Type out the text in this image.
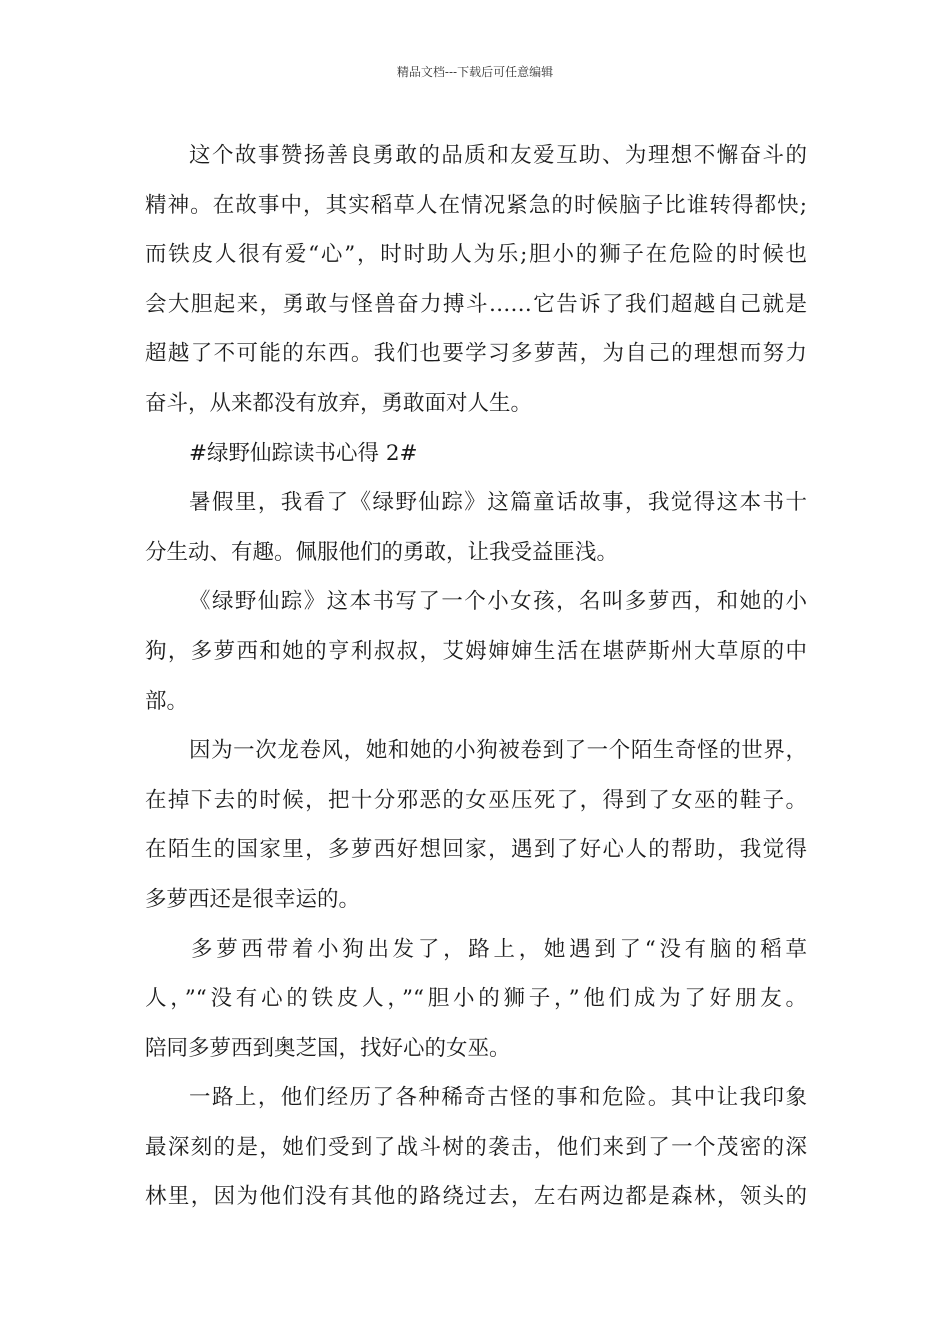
精品文档---下载后可任意编辑
这个故事赞扬善良勇敢的品质和友爱互助、为理想不懈奋斗的
精神。在故事中，其实稻草人在情况紧急的时候脑子比谁转得都快;
而铁皮人很有爱“心”，时时助人为乐;胆小的狮子在危险的时候也
会大胆起来，勇敢与怪兽奋力搏斗……它告诉了我们超越自己就是
超越了不可能的东西。我们也要学习多萝茜，为自己的理想而努力
奋斗，从来都没有放弃，勇敢面对人生。
#绿野仙踪读书心得 2#
暑假里，我看了《绿野仙踪》这篇童话故事，我觉得这本书十
分生动、有趣。佩服他们的勇敢，让我受益匪浅。
《绿野仙踪》这本书写了一个小女孩，名叫多萝西，和她的小
狗，多萝西和她的亨利叔叔，艾姆婶婶生活在堪萨斯州大草原的中
部。
因为一次龙卷风，她和她的小狗被卷到了一个陌生奇怪的世界，
在掉下去的时候，把十分邪恶的女巫压死了，得到了女巫的鞋子。
在陌生的国家里，多萝西好想回家，遇到了好心人的帮助，我觉得
多萝西还是很幸运的。
多萝西带着小狗出发了，路上，她遇到了“没有脑的稻草
人，”“没有心的铁皮人，”“胆小的狮子，”他们成为了好朋友。
陪同多萝西到奥芝国，找好心的女巫。
一路上，他们经历了各种稀奇古怪的事和危险。其中让我印象
最深刻的是，她们受到了战斗树的袭击，他们来到了一个茂密的深
林里，因为他们没有其他的路绕过去，左右两边都是森林，领头的
